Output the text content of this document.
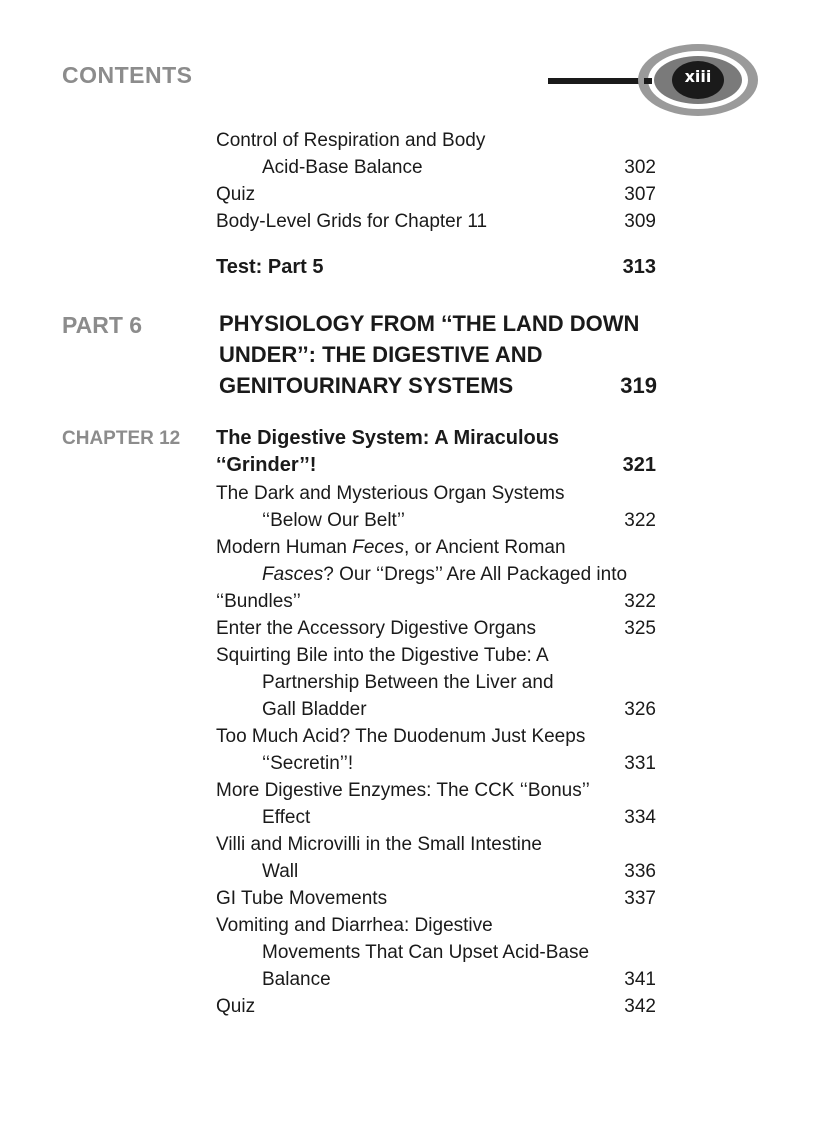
CONTENTS	xiii
Control of Respiration and Body
Acid-Base Balance	302
Quiz	307
Body-Level Grids for Chapter 11	309
Test: Part 5	313
PART 6	PHYSIOLOGY FROM ‘‘THE LAND DOWN
UNDER’’: THE DIGESTIVE AND
GENITOURINARY SYSTEMS	319
CHAPTER 12 The Digestive System: A Miraculous
‘‘Grinder’’!	321
The Dark and Mysterious Organ Systems
‘‘Below Our Belt’’	322
Modern Human Feces, or Ancient Roman
Fasces? Our ‘‘Dregs’’ Are All Packaged into
‘‘Bundles’’	322
Enter the Accessory Digestive Organs	325
Squirting Bile into the Digestive Tube: A
Partnership Between the Liver and
Gall Bladder	326
Too Much Acid? The Duodenum Just Keeps
‘‘Secretin’’!	331
More Digestive Enzymes: The CCK ‘‘Bonus’’
Effect	334
Villi and Microvilli in the Small Intestine
Wall	336
GI Tube Movements	337
Vomiting and Diarrhea: Digestive
Movements That Can Upset Acid-Base
Balance	341
Quiz	342
